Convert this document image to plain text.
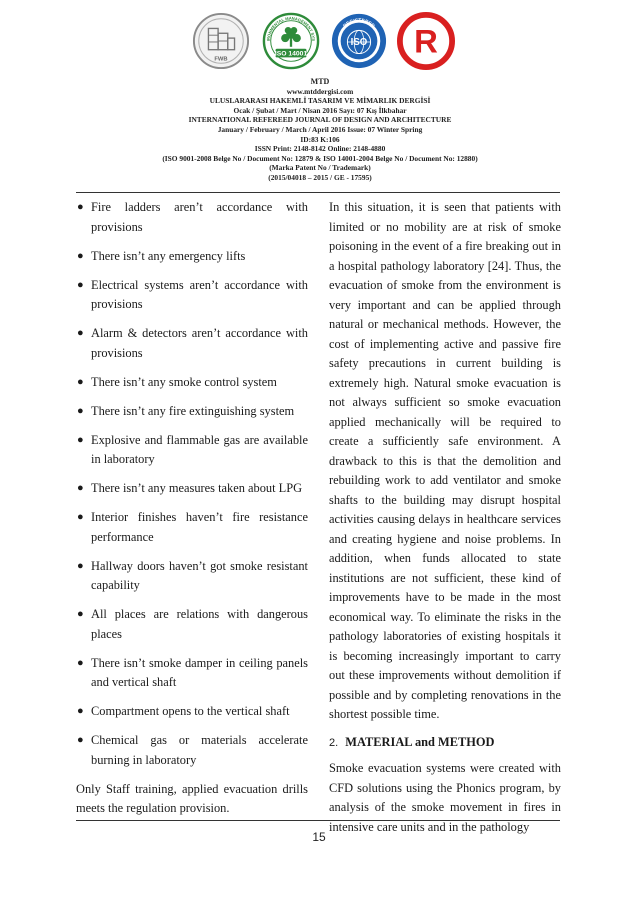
FWB
IRONMENTAL MANAGEMENT SYS
ISO 14001
REGISTERED
ISO R
MTD
www.mtddergisi.com
ULUSLARARASI HAKEMLİ TASARIM VE MİMARLIK DERGİSİ
Ocak / Şubat / Mart / Nisan 2016 Sayı: 07 Kış İlkbahar
INTERNATIONAL REFEREED JOURNAL OF DESIGN AND ARCHITECTURE
January / February / March / April 2016 Issue: 07 Winter Spring
ID:83 K:106
ISSN Print: 2148-8142 Online: 2148-4880
(ISO 9001-2008 Belge No / Document No: 12879 & ISO 14001-2004 Belge No / Document No: 12880)
(Marka Patent No / Trademark)
(2015/04018 – 2015 / GE - 17595)
● Fire ladders aren’t accordance with provisions
● There isn’t any emergency lifts
● Electrical systems aren’t accordance with provisions
● Alarm & detectors aren’t accordance with provisions
● There isn’t any smoke control system
● There isn’t any fire extinguishing system
● Explosive and flammable gas are available in laboratory
● There isn’t any measures taken about LPG
● Interior finishes haven’t fire resistance performance
● Hallway doors haven’t got smoke resistant capability
● All places are relations with dangerous places
● There isn’t smoke damper in ceiling panels and vertical shaft
● Compartment opens to the vertical shaft
● Chemical gas or materials accelerate burning in laboratory

Only Staff training, applied evacuation drills meets the regulation provision.

In this situation, it is seen that patients with limited or no mobility are at risk of smoke poisoning in the event of a fire breaking out in a hospital pathology laboratory [24]. Thus, the evacuation of smoke from the environment is very important and can be applied through natural or mechanical methods. However, the cost of implementing active and passive fire safety precautions in current building is extremely high. Natural smoke evacuation is not always sufficient so smoke evacuation applied mechanically will be required to create a sufficiently safe environment. A drawback to this is that the demolition and rebuilding work to add ventilator and smoke shafts to the building may disrupt hospital activities causing delays in healthcare services and creating hygiene and noise problems. In addition, when funds allocated to state institutions are not sufficient, these kind of improvements have to be made in the most economical way. To eliminate the risks in the pathology laboratories of existing hospitals it is becoming increasingly important to carry out these improvements without demolition if possible and by completing renovations in the shortest possible time.

2. MATERIAL and METHOD

Smoke evacuation systems were created with CFD solutions using the Phonics program, by analysis of the smoke movement in fires in intensive care units and in the pathology

15
